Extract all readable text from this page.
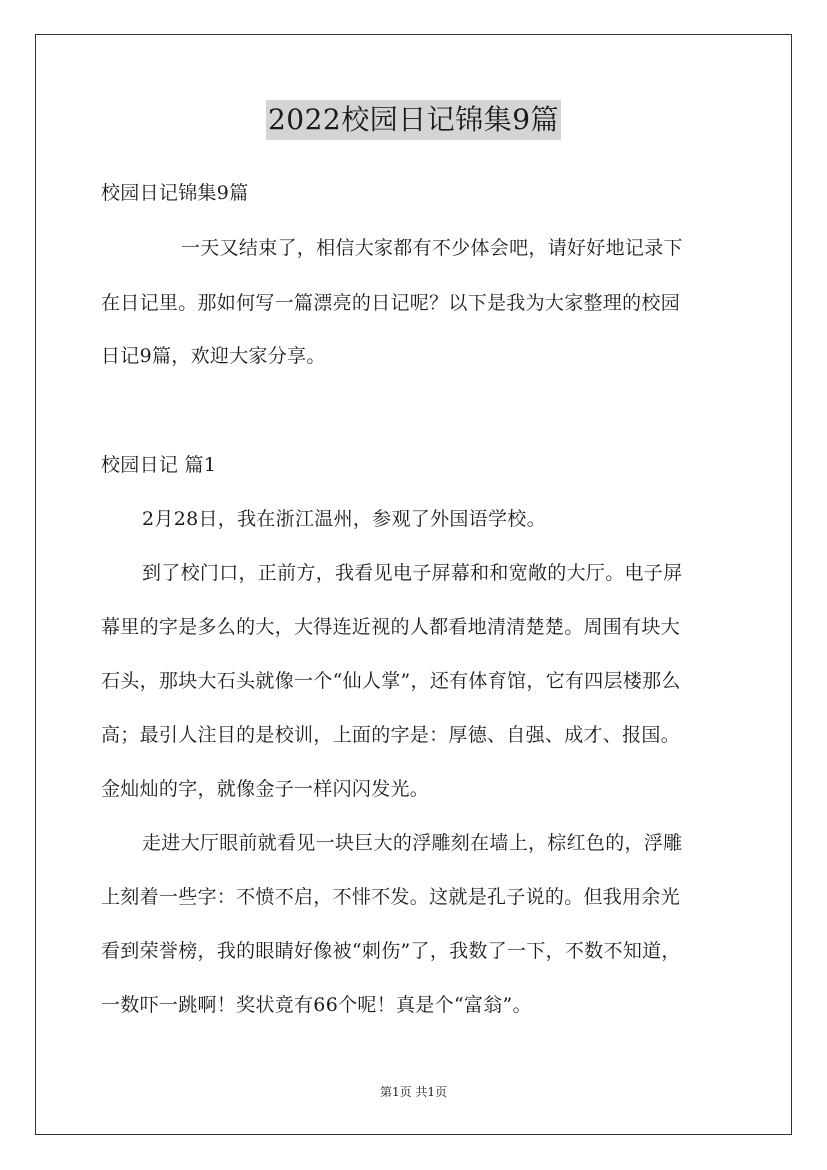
2022校园日记锦集9篇
校园日记锦集9篇
一天又结束了，相信大家都有不少体会吧，请好好地记录下
在日记里。那如何写一篇漂亮的日记呢？以下是我为大家整理的校园
日记9篇，欢迎大家分享。
校园日记 篇1
2月28日，我在浙江温州，参观了外国语学校。
到了校门口，正前方，我看见电子屏幕和和宽敞的大厅。电子屏
幕里的字是多么的大，大得连近视的人都看地清清楚楚。周围有块大
石头，那块大石头就像一个“仙人掌”，还有体育馆，它有四层楼那么
高；最引人注目的是校训，上面的字是：厚德、自强、成才、报国。
金灿灿的字，就像金子一样闪闪发光。
走进大厅眼前就看见一块巨大的浮雕刻在墙上，棕红色的，浮雕
上刻着一些字：不愤不启，不悱不发。这就是孔子说的。但我用余光
看到荣誉榜，我的眼睛好像被“刺伤”了，我数了一下，不数不知道，
一数吓一跳啊！奖状竟有66个呢！真是个“富翁”。
第1页 共1页
